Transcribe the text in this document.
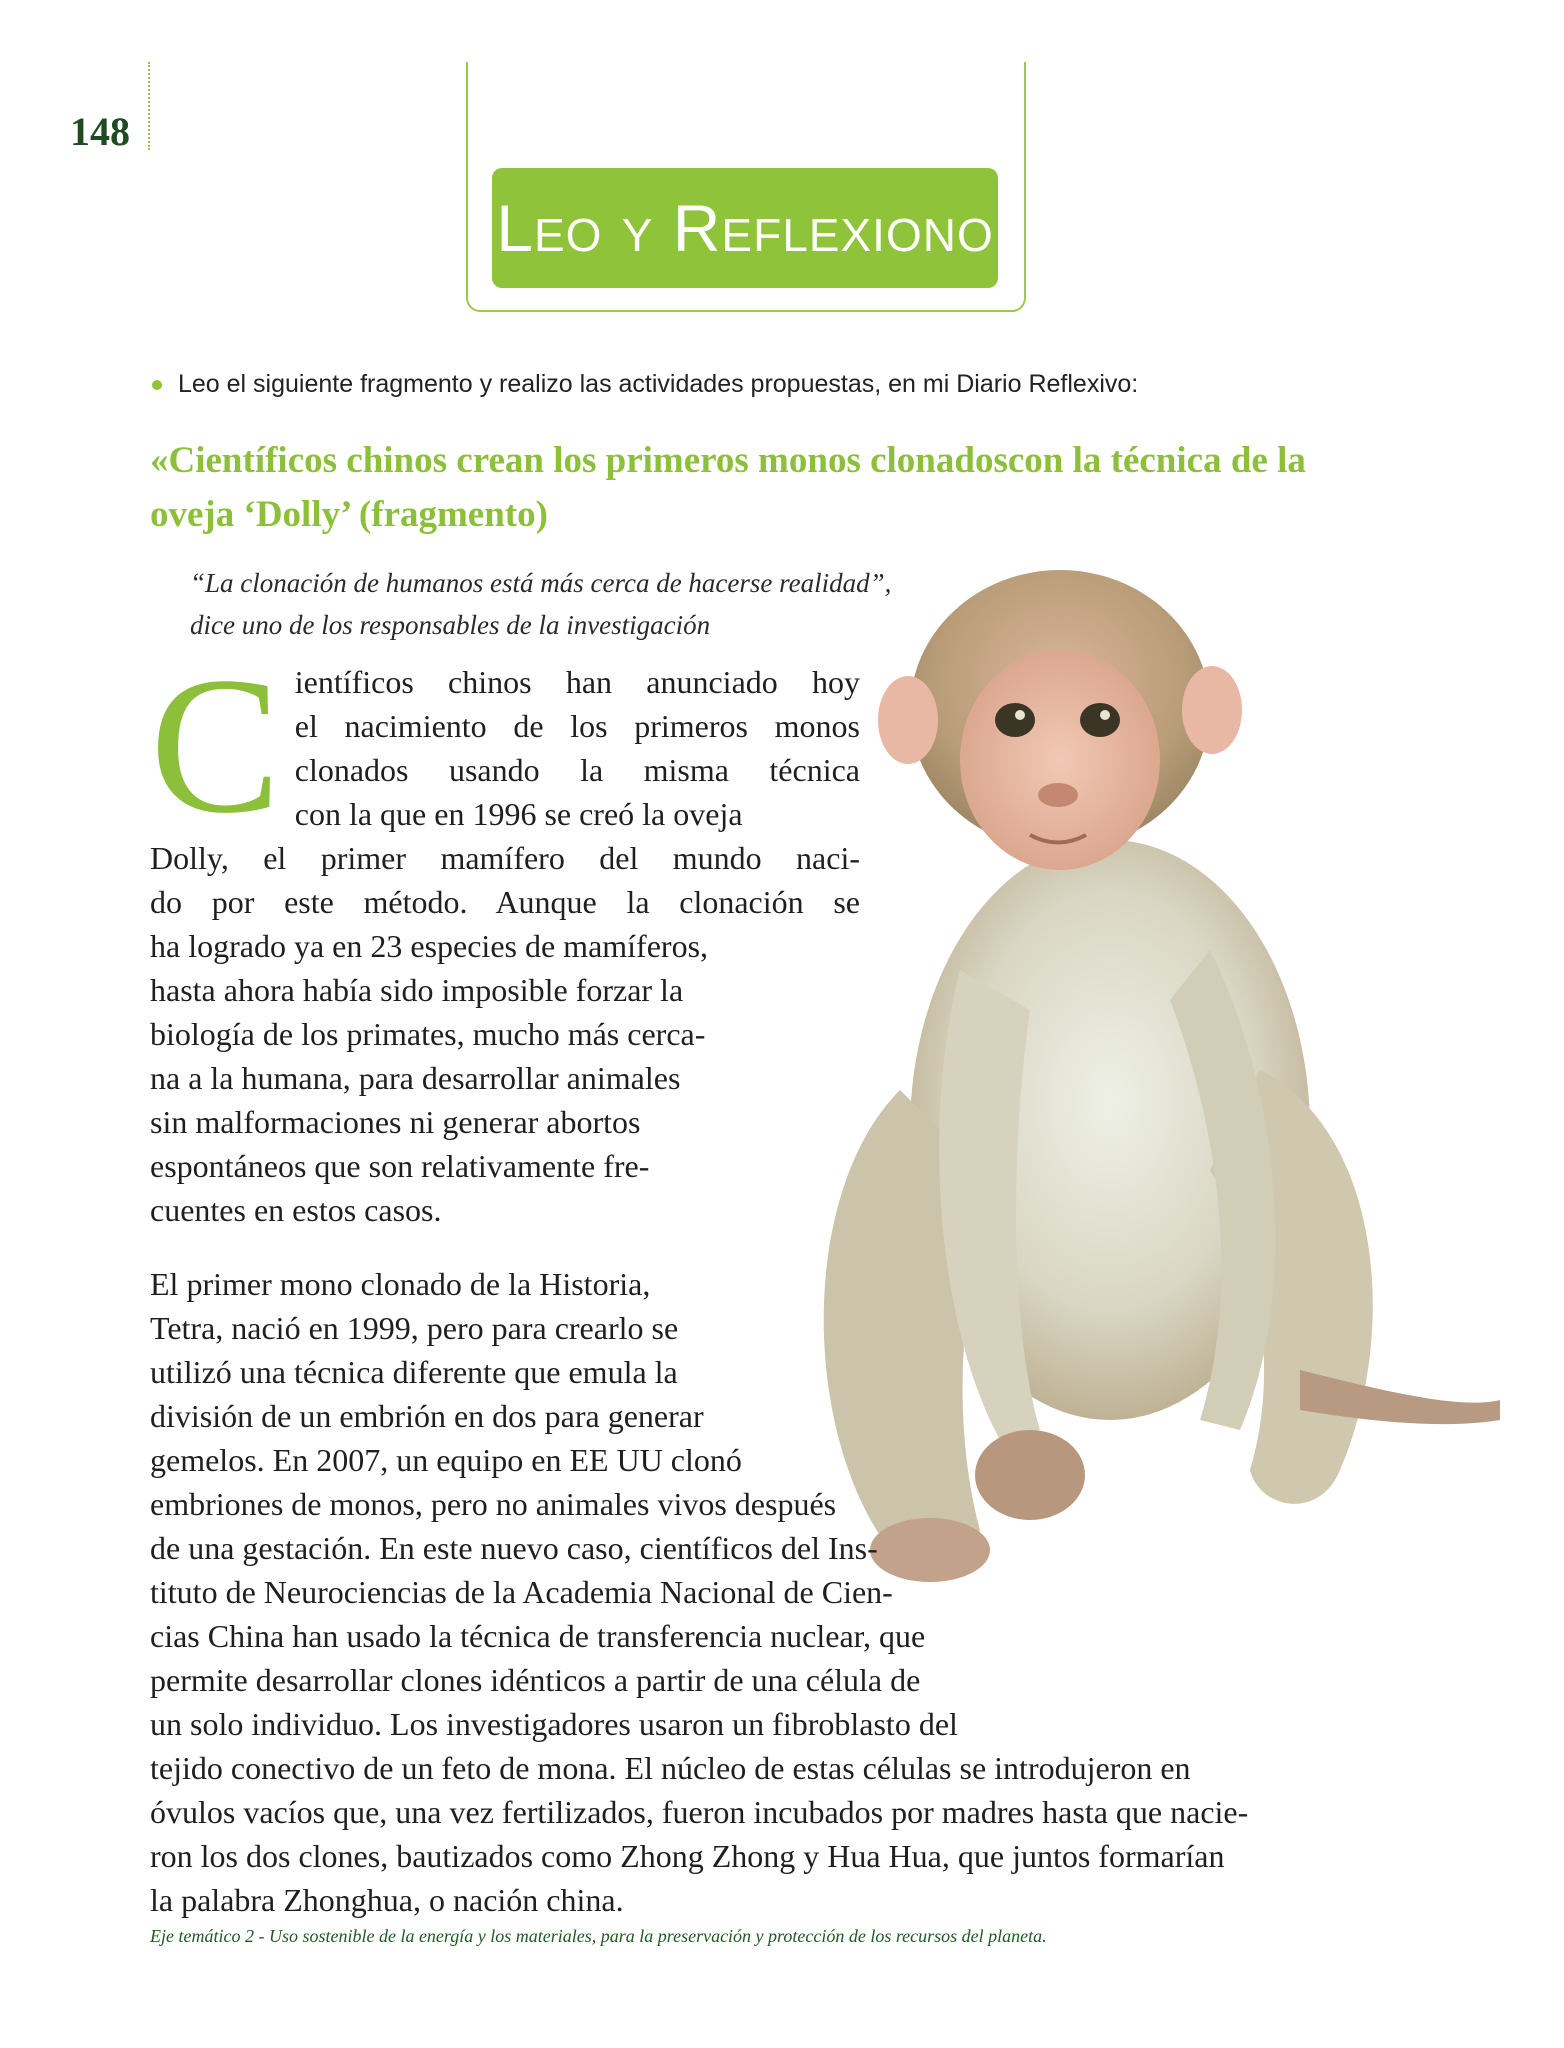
148
Leo y Reflexiono
Leo el siguiente fragmento y realizo las actividades propuestas, en mi Diario Reflexivo:
«Científicos chinos crean los primeros monos clonadoscon la técnica de la oveja ‘Dolly’ (fragmento)
“La clonación de humanos está más cerca de hacerse realidad”,
dice uno de los responsables de la investigación
C ientíficos chinos han anunciado hoy
el nacimiento de los primeros monos
clonados usando la misma técnica
con la que en 1996 se creó la oveja
Dolly, el primer mamífero del mundo naci-
do por este método. Aunque la clonación se
ha logrado ya en 23 especies de mamíferos,
hasta ahora había sido imposible forzar la
biología de los primates, mucho más cerca-
na a la humana, para desarrollar animales
sin malformaciones ni generar abortos
espontáneos que son relativamente fre-
cuentes en estos casos.
El primer mono clonado de la Historia,
Tetra, nació en 1999, pero para crearlo se
utilizó una técnica diferente que emula la
división de un embrión en dos para generar
gemelos. En 2007, un equipo en EE UU clonó
embriones de monos, pero no animales vivos después
de una gestación. En este nuevo caso, científicos del Ins-
tituto de Neurociencias de la Academia Nacional de Cien-
cias China han usado la técnica de transferencia nuclear, que
permite desarrollar clones idénticos a partir de una célula de
un solo individuo. Los investigadores usaron un fibroblasto del
tejido conectivo de un feto de mona. El núcleo de estas células se introdujeron en
óvulos vacíos que, una vez fertilizados, fueron incubados por madres hasta que nacie-
ron los dos clones, bautizados como Zhong Zhong y Hua Hua, que juntos formarían
la palabra Zhonghua, o nación china.
Eje temático 2 - Uso sostenible de la energía y los materiales, para la preservación y protección de los recursos del planeta.
